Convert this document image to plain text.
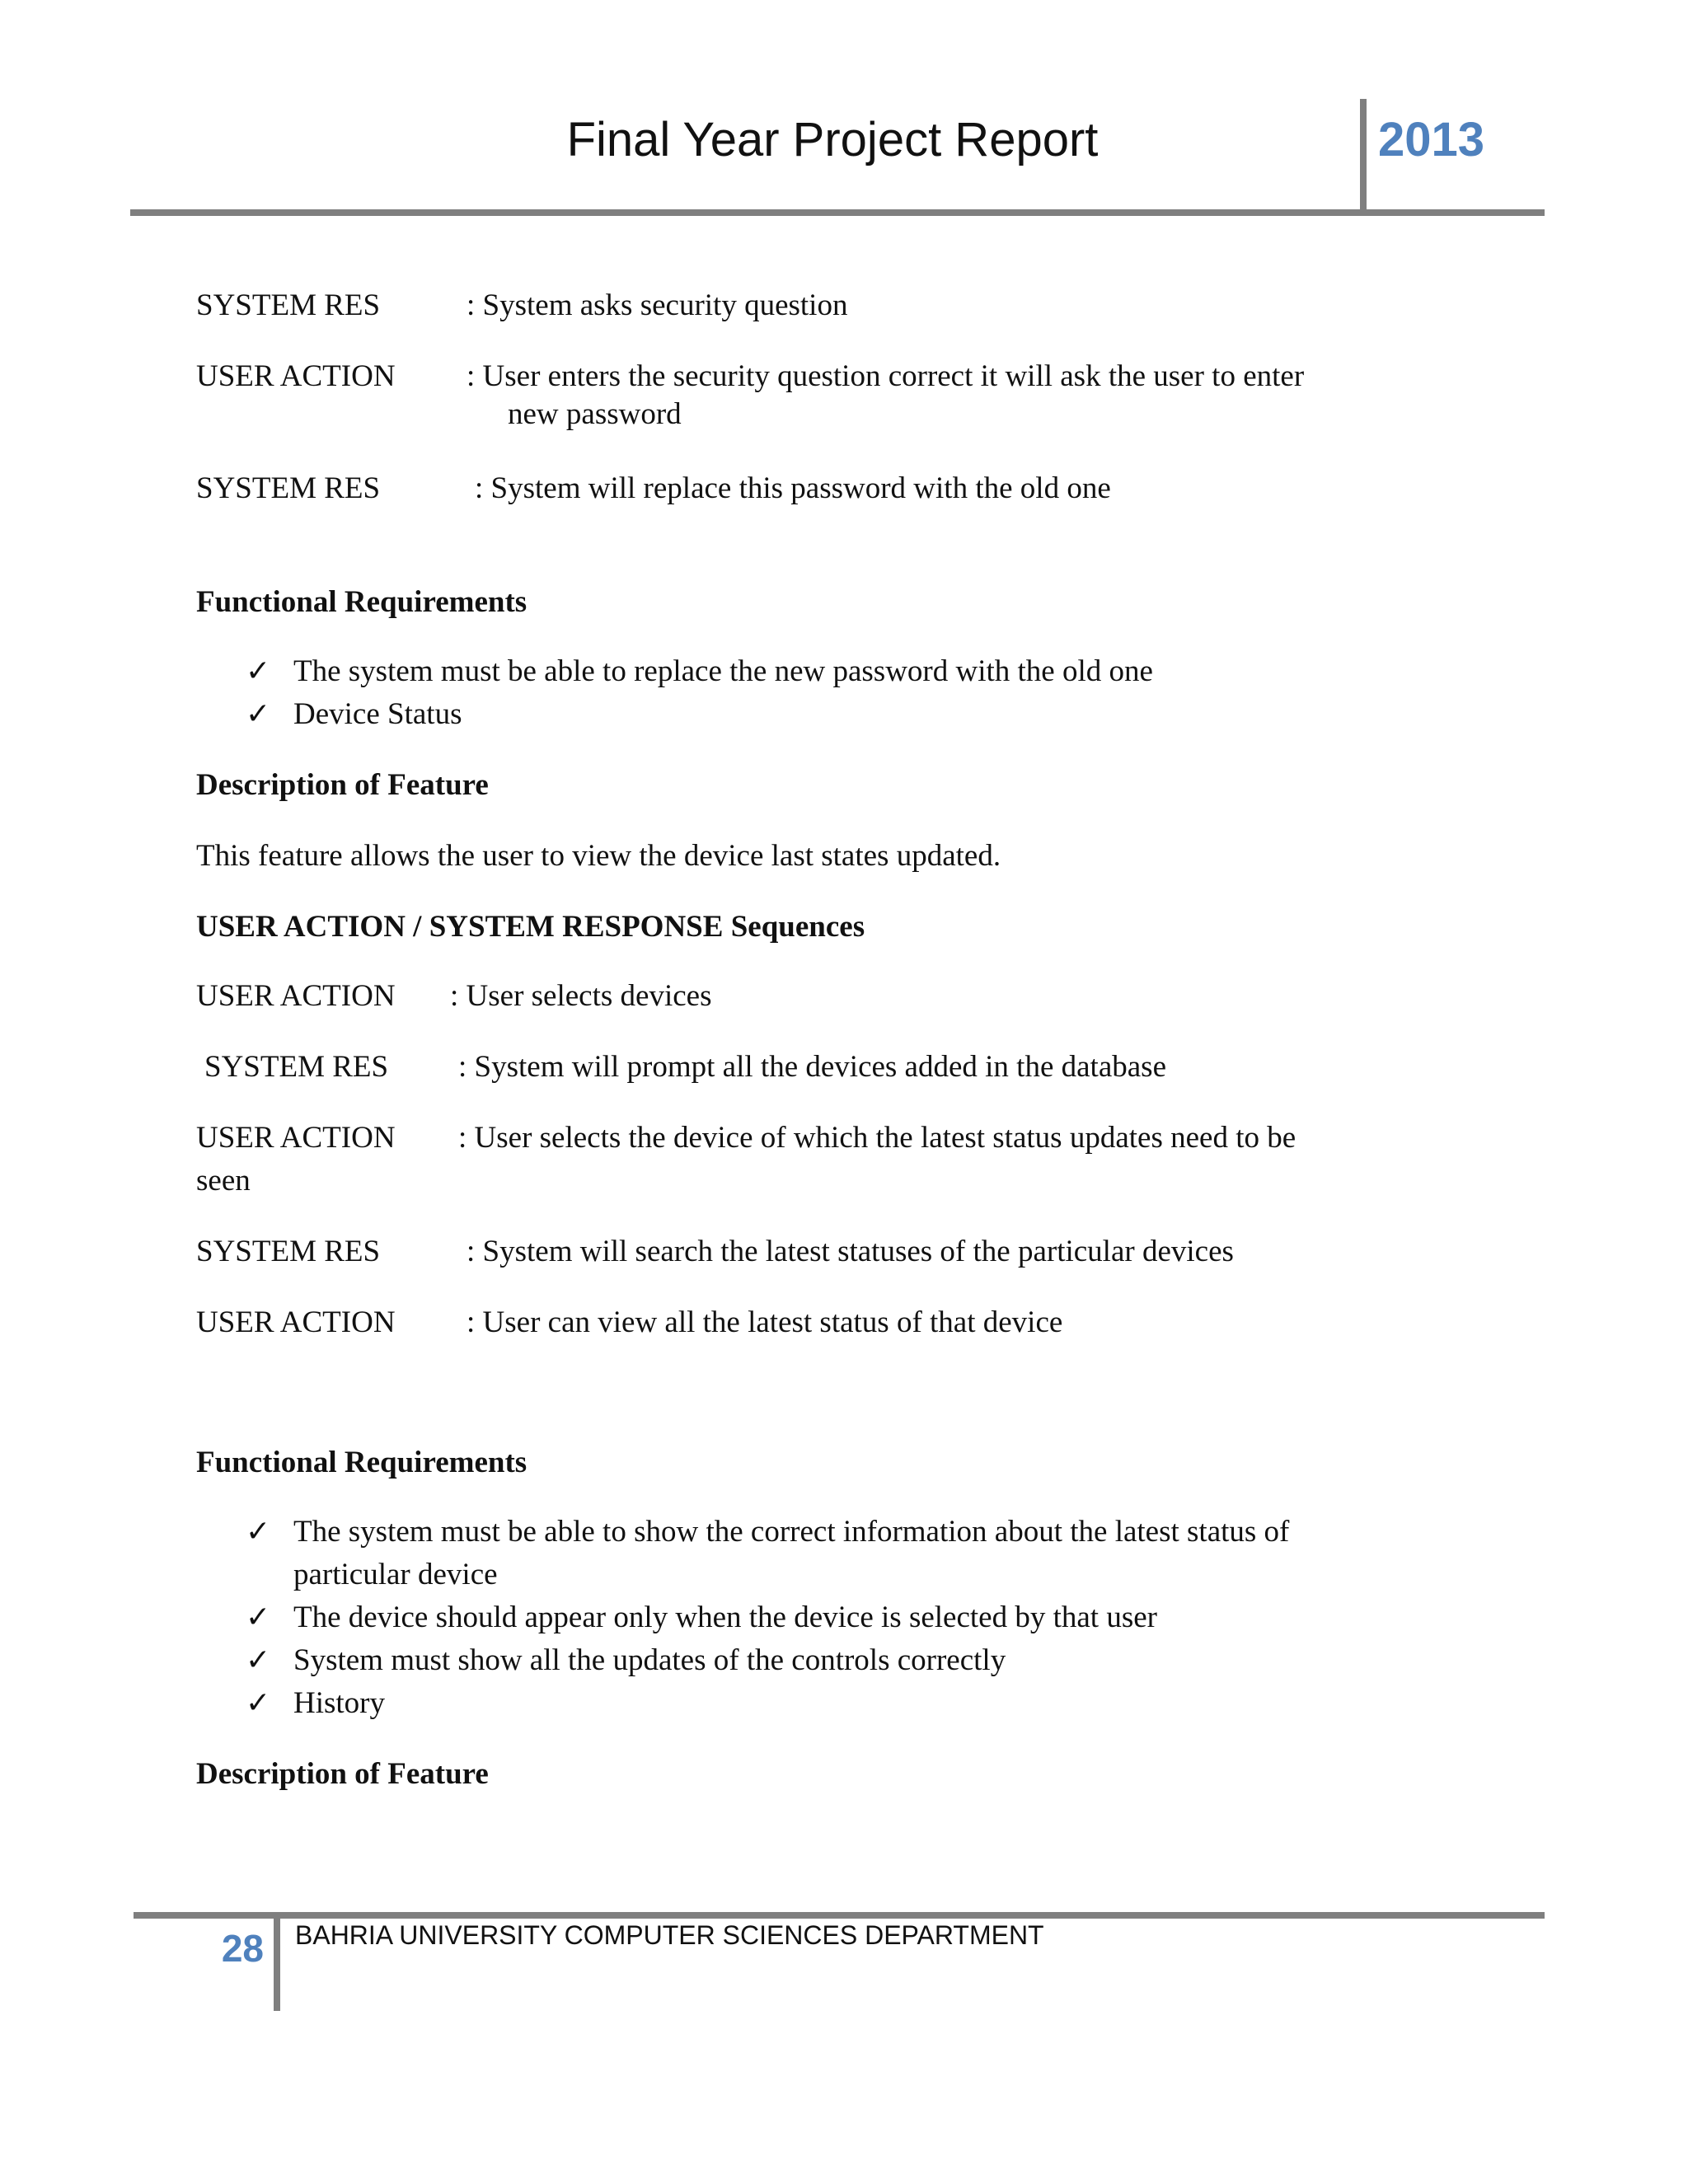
Final Year Project Report	2013
SYSTEM RES	: System asks security question
USER ACTION : User enters the security question correct it will ask the user to enter
new password
SYSTEM RES	: System will replace this password with the old one
Functional Requirements
✓ The system must be able to replace the new password with the old one
✓ Device Status
Description of Feature
This feature allows the user to view the device last states updated.
USER ACTION / SYSTEM RESPONSE Sequences
USER ACTION : User selects devices
SYSTEM RES : System will prompt all the devices added in the database
USER ACTION : User selects the device of which the latest status updates need to be
seen
SYSTEM RES	: System will search the latest statuses of the particular devices
USER ACTION : User can view all the latest status of that device
Functional Requirements
✓ The system must be able to show the correct information about the latest status of
particular device
✓ The device should appear only when the device is selected by that user
✓ System must show all the updates of the controls correctly
✓ History
Description of Feature
28 BAHRIA UNIVERSITY COMPUTER SCIENCES DEPARTMENT
